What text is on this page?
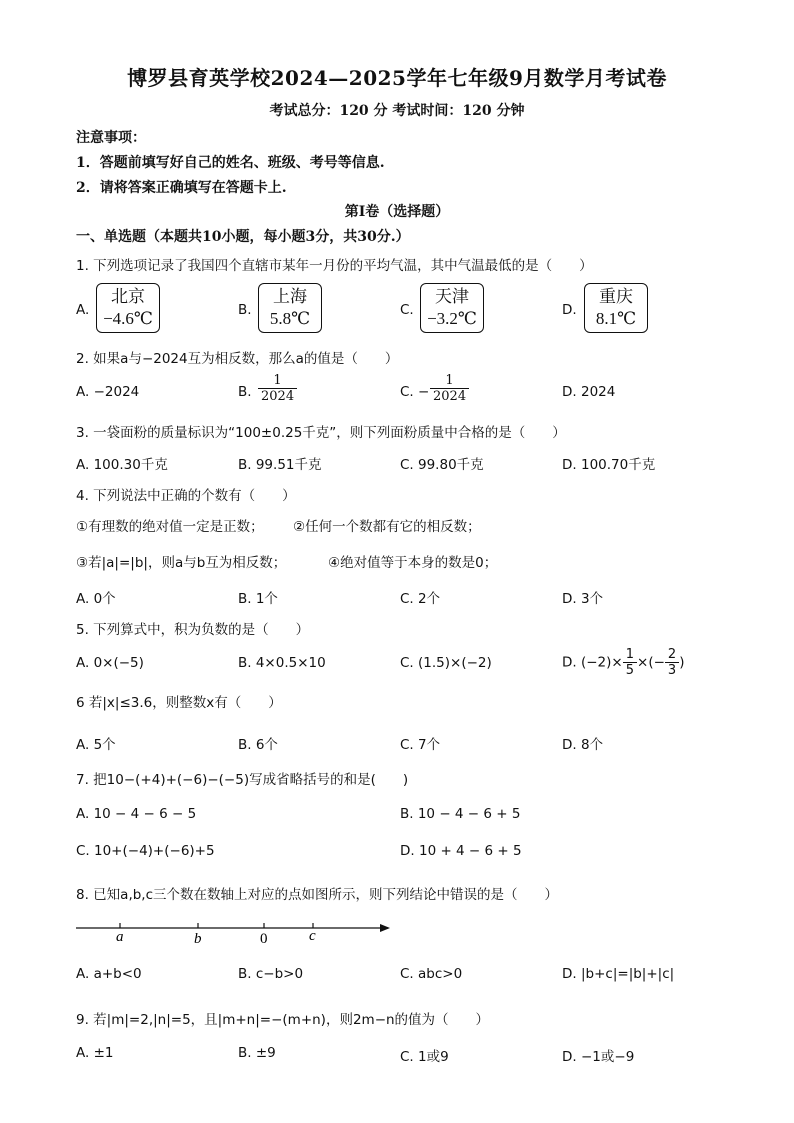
博罗县育英学校2024—2025学年七年级9月数学月考试卷
考试总分：120 分 考试时间：120 分钟
注意事项：
1．答题前填写好自己的姓名、班级、考号等信息.
2．请将答案正确填写在答题卡上.
第Ⅰ卷（选择题）
一、单选题（本题共10小题，每小题3分，共30分.）
1. 下列选项记录了我国四个直辖市某年一月份的平均气温，其中气温最低的是（　　）
A.
北京
−4.6℃	B.
上海
5.8℃	C.
天津
−3.2℃	D.
重庆
8.1℃
2. 如果a与−2024互为相反数，那么a的值是（　　）
A. −2024	B. $\frac{1}{2024}$	C. − $\frac{1}{2024}$	D. 2024
3. 一袋面粉的质量标识为“100±0.25千克”，则下列面粉质量中合格的是（　　）
A. 100.30千克	B. 99.51千克	C. 99.80千克	D. 100.70千克
4. 下列说法中正确的个数有（　　）
①有理数的绝对值一定是正数； ②任何一个数都有它的相反数；
③若|a|=|b|，则a与b互为相反数；	④绝对值等于本身的数是0；
A. 0个	B. 1个	C. 2个	D. 3个
5. 下列算式中，积为负数的是（　　）
A. 0×(−5)	B. 4×0.5×10	C. (1.5)×(−2)	D. $(-2)\times \frac{1}{5}$ ×(− $\frac{2}{3}$ )
6 若|x|≤3.6，则整数x有（　　）
A. 5个	B. 6个	C. 7个	D. 8个
7. 把10−(+4)+(−6)−(−5)写成省略括号的和是(　　)
A. 10 − 4 − 6 − 5	B. 10 − 4 − 6 + 5
C. 10+(−4)+(−6)+5	D. 10 + 4 − 6 + 5
8. 已知a,b,c三个数在数轴上对应的点如图所示，则下列结论中错误的是（　　）
a	b	0	c
A. a+b<0	B. c−b>0	C. abc>0	D. |b+c|=|b|+|c|
9. 若|m|=2,|n|=5，且|m+n|=−(m+n)，则2m−n的值为（　　）
A. ±1	B. ±9	C. 1或9	D. −1或−9
